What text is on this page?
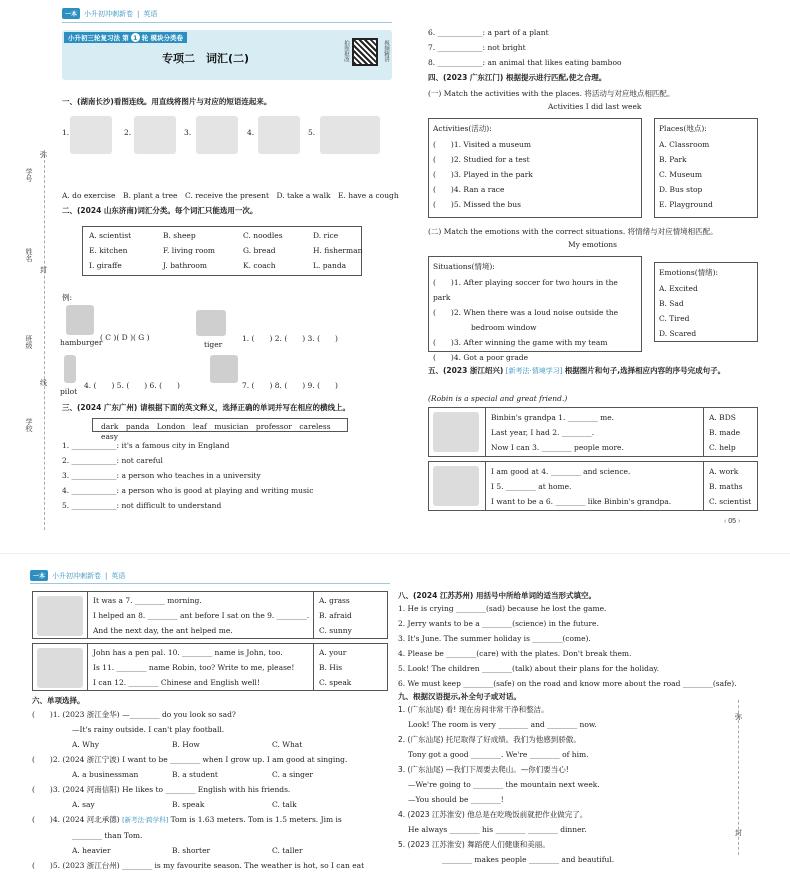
一本	小升初冲刺新卷 | 英语
弥
封
线
学号
姓名
班级
学校
小升初三轮复习法 第 1 轮 模块分类卷
专项二　词汇(二)	拍照批改	视频精讲
一、(湖南长沙)看图连线。用直线将图片与对应的短语连起来。
1.	2.	3.	4.	5.
A. do exercise　B. plant a tree　C. receive the present　D. take a walk　E. have a cough
二、(2024 山东济南)词汇分类。每个词汇只能选用一次。
A. scientist	B. sheep	C. noodles	D. rice
E. kitchen	F. living room	G. bread	H. fisherman
I. giraffe	J. bathroom	K. coach	L. panda
例:
hamburger
( C )( D )( G )
tiger
1. (　　) 2. (　　) 3. (　　)
pilot
4. (　　) 5. (　　) 6. (　　)	7. (　　) 8. (　　) 9. (　　)
三、(2024 广东广州) 请根据下面的英文释义，选择正确的单词并写在相应的横线上。
dark　panda　London　leaf　musician　professor　careless　easy
1. ____________: it's a famous city in England
2. ____________: not careful
3. ____________: a person who teaches in a university
4. ____________: a person who is good at playing and writing music
5. ____________: not difficult to understand
6. ____________: a part of a plant
7. ____________: not bright
8. ____________: an animal that likes eating bamboo
四、(2023 广东江门) 根据提示进行匹配,使之合理。
(一) Match the activities with the places. 将活动与对应地点相匹配。
Activities I did last week
Activities(活动):
(　　)1. Visited a museum
(　　)2. Studied for a test
(　　)3. Played in the park
(　　)4. Ran a race
(　　)5. Missed the bus
Places(地点):
A. Classroom
B. Park
C. Museum
D. Bus stop
E. Playground
(二) Match the emotions with the correct situations. 将情绪与对应情境相匹配。
My emotions
Situations(情境):
(　　)1. After playing soccer for two hours in the park
(　　)2. When there was a loud noise outside the
bedroom window
(　　)3. After winning the game with my team
(　　)4. Got a poor grade
Emotions(情绪):
A. Excited
B. Sad
C. Tired
D. Scared
五、(2023 浙江绍兴) [新考法·情境学习] 根据图片和句子,选择相应内容的序号完成句子。
(Robin is a special and great friend.)
Binbin's grandpa 1. ________ me.
Last year, I had 2. ________.
Now I can 3. ________ people more.
A. BDS
B. made
C. help
I am good at 4. ________ and science.
I 5. ________ at home.
I want to be a 6. ________ like Binbin's grandpa.
A. work
B. maths
C. scientist
‹ 05 ›
一本	小升初冲刺新卷 | 英语
It was a 7. ________ morning.
I helped an 8. ________ ant before I sat on the 9. ________.
And the next day, the ant helped me.
A. grass
B. afraid
C. sunny
John has a pen pal. 10. ________ name is John, too.
Is 11. ________ name Robin, too? Write to me, please!
I can 12. ________ Chinese and English well!
A. your
B. His
C. speak
六、单项选择。
(　　)1. (2023 浙江金华) —________ do you look so sad?
—It's rainy outside. I can't play football.
A. Why	B. How	C. What
(　　)2. (2024 浙江宁波) I want to be ________ when I grow up. I am good at singing.
A. a businessman	B. a student	C. a singer
(　　)3. (2024 河南信阳) He likes to ________ English with his friends.
A. say	B. speak	C. talk
(　　)4. (2024 河北承德) [新考法·跨学科] Tom is 1.63 meters. Tom is 1.5 meters. Jim is
________ than Tom.
A. heavier	B. shorter	C. taller
(　　)5. (2023 浙江台州) ________ is my favourite season. The weather is hot, so I can eat
八、(2024 江苏苏州) 用括号中所给单词的适当形式填空。
1. He is crying ________(sad) because he lost the game.
2. Jerry wants to be a ________(science) in the future.
3. It's June. The summer holiday is ________(come).
4. Please be ________(care) with the plates. Don't break them.
5. Look! The children ________(talk) about their plans for the holiday.
6. We must keep ________(safe) on the road and know more about the road ________(safe).
九、根据汉语提示,补全句子或对话。
1. (广东汕尾) 看! 现在房间非常干净和整洁。
Look! The room is very ________ and ________ now.
2. (广东汕尾) 托尼取得了好成绩。我们为他感到骄傲。
Tony got a good ________. We're ________ of him.
3. (广东汕尾) —我们下周要去爬山。—你们要当心!
—We're going to ________ the mountain next week.
—You should be ________!
4. (2023 江苏淮安) 他总是在吃晚饭前就把作业做完了。
He always ________ his ________ ________ dinner.
5. (2023 江苏淮安) 舞蹈使人们健康和美丽。
________ makes people ________ and beautiful.
弥
封
